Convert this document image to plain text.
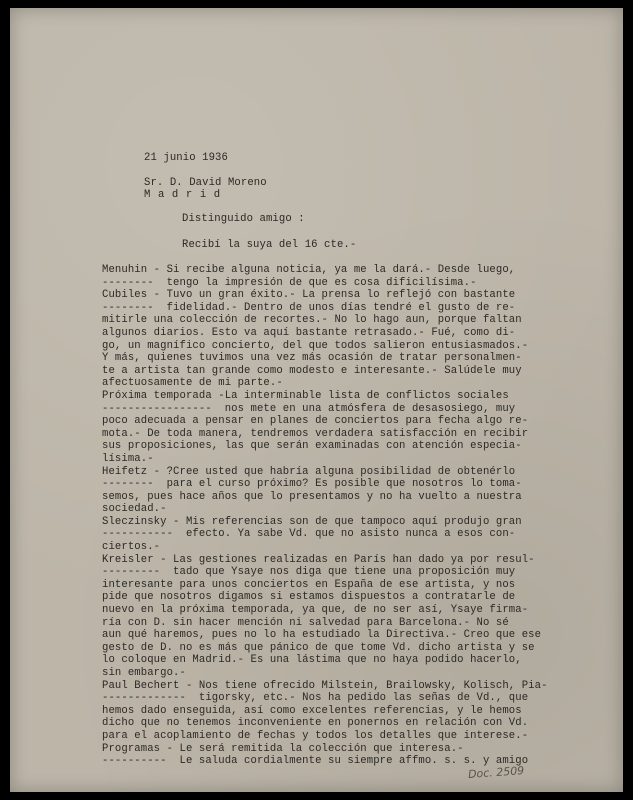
21 junio 1936

Sr. D. David Moreno

Madrid

Distinguido amigo :

Recibí la suya del 16 cte.-

Menuhin - Si recibe alguna noticia, ya me la dará.- Desde luego,
--------  tengo la impresión de que es cosa dificilísima.-
Cubiles - Tuvo un gran éxito.- La prensa lo reflejó con bastante
--------  fidelidad.- Dentro de unos días tendré el gusto de re-
mitirle una colección de recortes.- No lo hago aun, porque faltan
algunos diarios. Esto va aquí bastante retrasado.- Fué, como di-
go, un magnífico concierto, del que todos salieron entusiasmados.-
Y más, quienes tuvimos una vez más ocasión de tratar personalmen-
te a artista tan grande como modesto e interesante.- Salúdele muy
afectuosamente de mi parte.-
Próxima temporada -La interminable lista de conflictos sociales
-----------------  nos mete en una atmósfera de desasosiego, muy
poco adecuada a pensar en planes de conciertos para fecha algo re-
mota.- De toda manera, tendremos verdadera satisfacción en recibir
sus proposiciones, las que serán examinadas con atención especia-
lísima.-
Heifetz - ?Cree usted que habría alguna posibilidad de obtenérlo
--------  para el curso próximo? Es posible que nosotros lo toma-
semos, pues hace años que lo presentamos y no ha vuelto a nuestra
sociedad.-
Sleczinsky - Mis referencias son de que tampoco aquí produjo gran
-----------  efecto. Ya sabe Vd. que no asisto nunca a esos con-
ciertos.-
Kreisler - Las gestiones realizadas en París han dado ya por resul-
---------  tado que Ysaye nos diga que tiene una proposición muy
interesante para unos conciertos en España de ese artista, y nos
pide que nosotros digamos si estamos dispuestos a contratarle de
nuevo en la próxima temporada, ya que, de no ser así, Ysaye firma-
ría con D. sin hacer mención ni salvedad para Barcelona.- No sé
aun qué haremos, pues no lo ha estudiado la Directiva.- Creo que ese
gesto de D. no es más que pánico de que tome Vd. dicho artista y se
lo coloque en Madrid.- Es una lástima que no haya podido hacerlo,
sin embargo.-
Paul Bechert - Nos tiene ofrecido Milstein, Brailowsky, Kolisch, Pia-
-------------  tigorsky, etc.- Nos ha pedido las señas de Vd., que
hemos dado enseguida, así como excelentes referencias, y le hemos
dicho que no tenemos inconveniente en ponernos en relación con Vd.
para el acoplamiento de fechas y todos los detalles que interese.-
Programas - Le será remitida la colección que interesa.-
----------  Le saluda cordialmente su siempre affmo. s. s. y amigo

Doc. 2509
